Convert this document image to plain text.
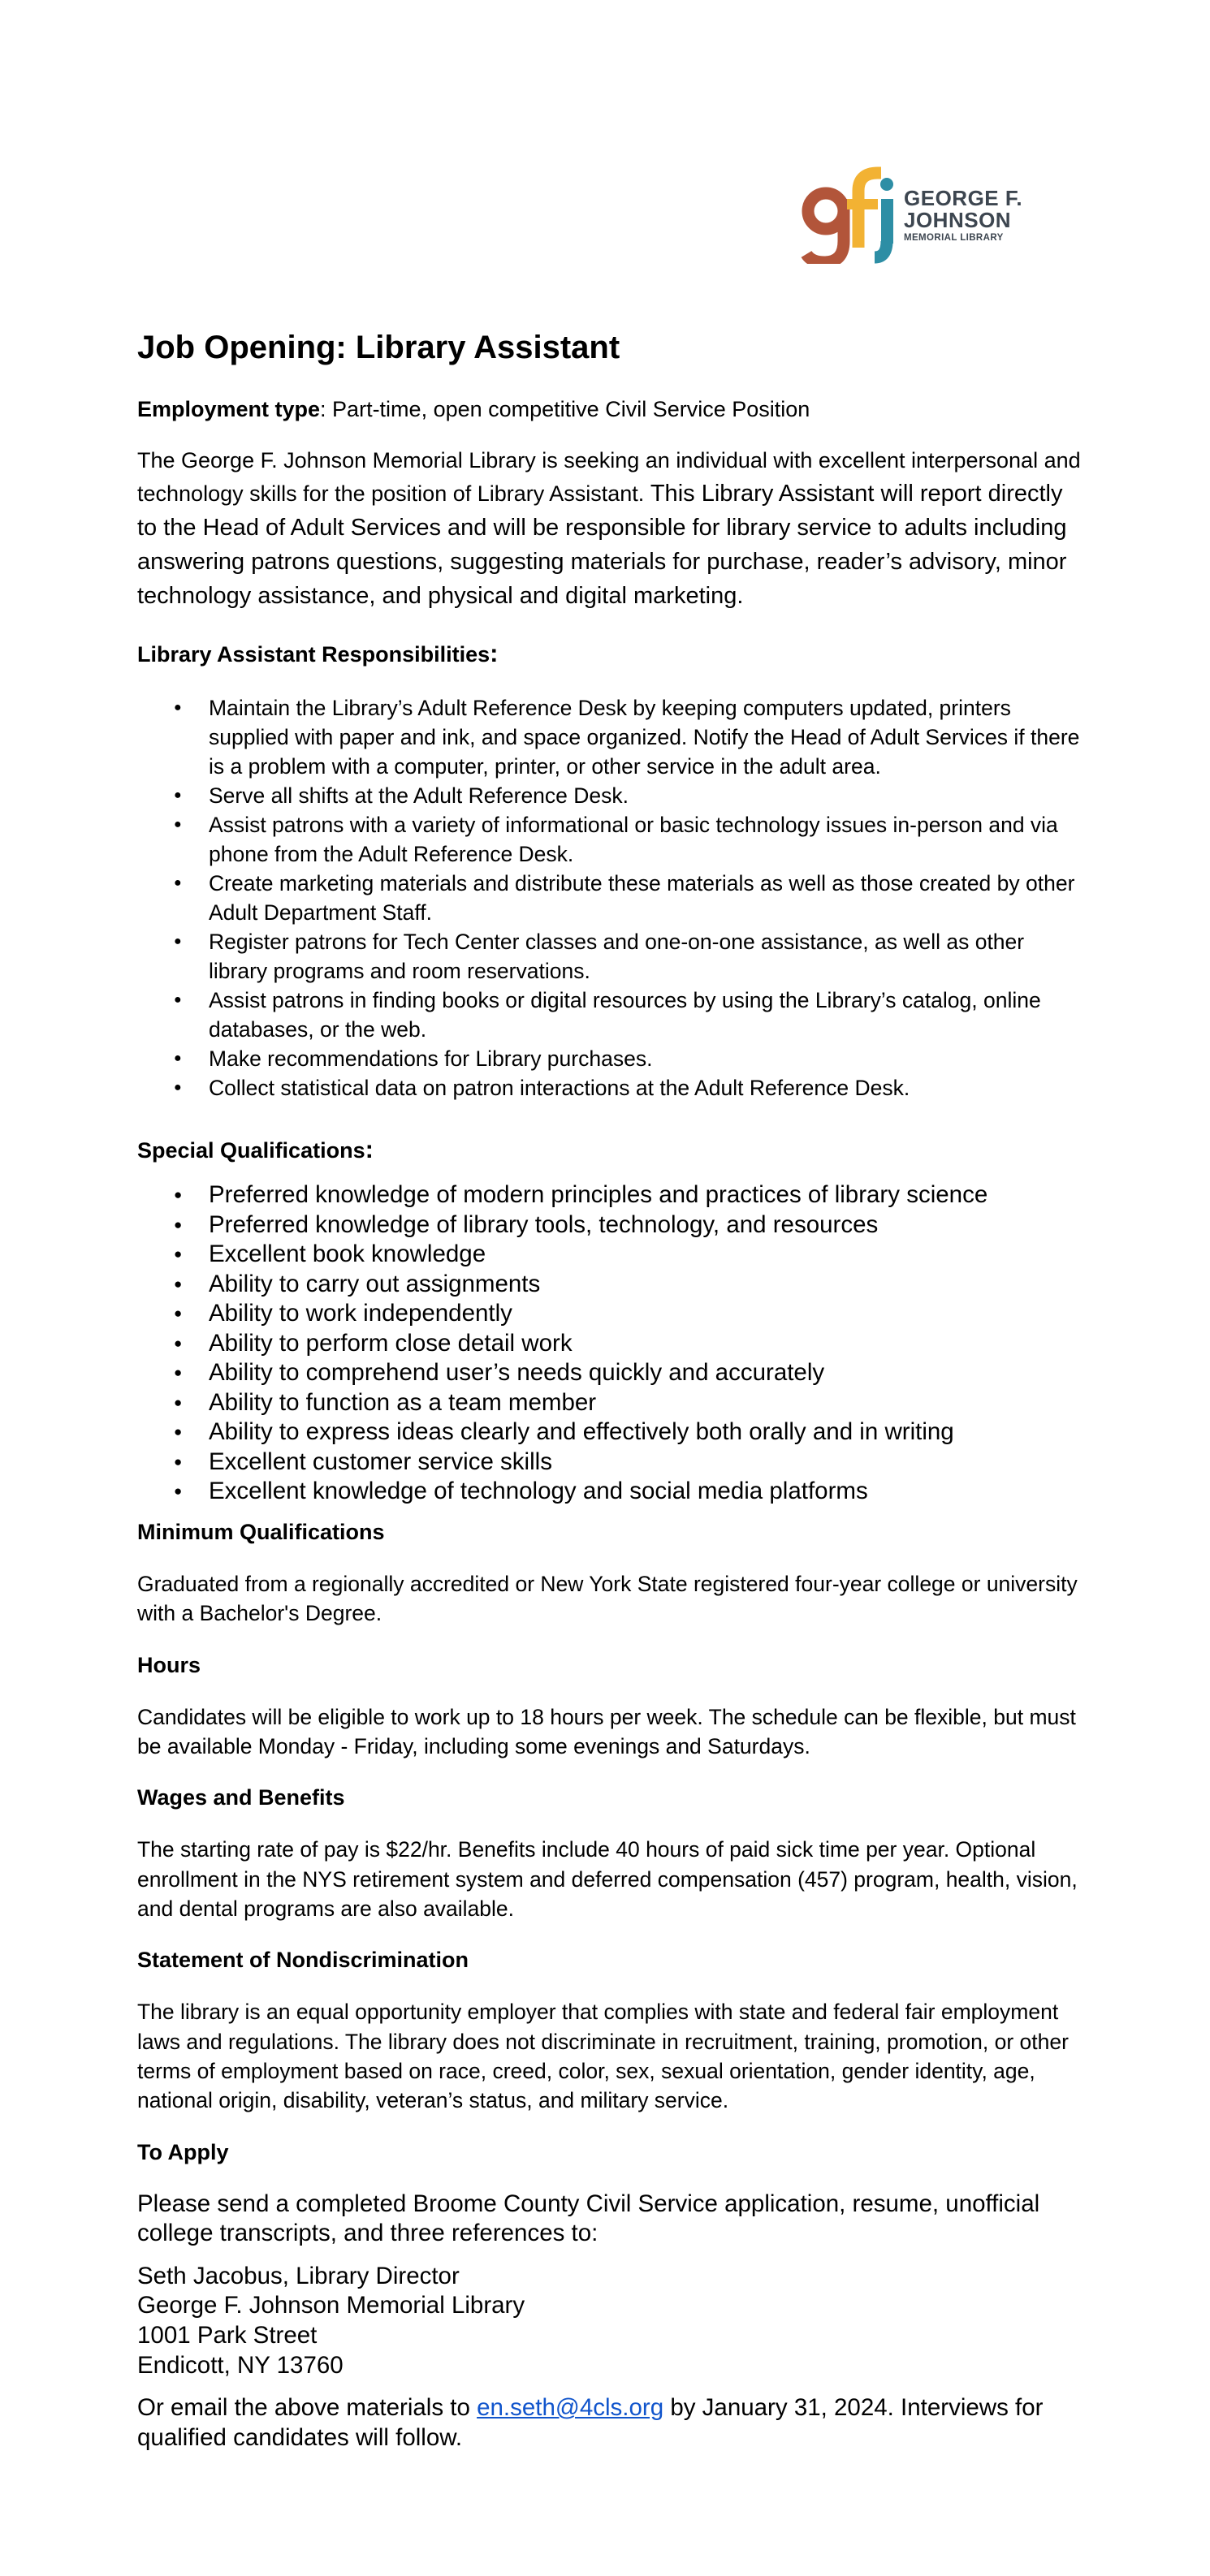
GEORGE F.
JOHNSON
MEMORIAL LIBRARY
Job Opening: Library Assistant

Employment type: Part-time, open competitive Civil Service Position

The George F. Johnson Memorial Library is seeking an individual with excellent interpersonal and technology skills for the position of Library Assistant. This Library Assistant will report directly to the Head of Adult Services and will be responsible for library service to adults including answering patrons questions, suggesting materials for purchase, reader’s advisory, minor technology assistance, and physical and digital marketing.

Library Assistant Responsibilities:
● Maintain the Library’s Adult Reference Desk by keeping computers updated, printers supplied with paper and ink, and space organized. Notify the Head of Adult Services if there is a problem with a computer, printer, or other service in the adult area.
● Serve all shifts at the Adult Reference Desk.
● Assist patrons with a variety of informational or basic technology issues in-person and via phone from the Adult Reference Desk.
● Create marketing materials and distribute these materials as well as those created by other Adult Department Staff.
● Register patrons for Tech Center classes and one-on-one assistance, as well as other library programs and room reservations.
● Assist patrons in finding books or digital resources by using the Library’s catalog, online databases, or the web.
● Make recommendations for Library purchases.
● Collect statistical data on patron interactions at the Adult Reference Desk.
Special Qualifications:
● Preferred knowledge of modern principles and practices of library science
● Preferred knowledge of library tools, technology, and resources
● Excellent book knowledge
● Ability to carry out assignments
● Ability to work independently
● Ability to perform close detail work
● Ability to comprehend user’s needs quickly and accurately
● Ability to function as a team member
● Ability to express ideas clearly and effectively both orally and in writing
● Excellent customer service skills
● Excellent knowledge of technology and social media platforms
Minimum Qualifications

Graduated from a regionally accredited or New York State registered four-year college or university with a Bachelor's Degree.

Hours

Candidates will be eligible to work up to 18 hours per week. The schedule can be flexible, but must be available Monday - Friday, including some evenings and Saturdays.

Wages and Benefits

The starting rate of pay is $22/hr. Benefits include 40 hours of paid sick time per year. Optional enrollment in the NYS retirement system and deferred compensation (457) program, health, vision, and dental programs are also available.

Statement of Nondiscrimination

The library is an equal opportunity employer that complies with state and federal fair employment laws and regulations. The library does not discriminate in recruitment, training, promotion, or other terms of employment based on race, creed, color, sex, sexual orientation, gender identity, age, national origin, disability, veteran’s status, and military service.

To Apply

Please send a completed Broome County Civil Service application, resume, unofficial college transcripts, and three references to:

Seth Jacobus, Library Director
George F. Johnson Memorial Library
1001 Park Street
Endicott, NY 13760

Or email the above materials to en.seth@4cls.org by January 31, 2024. Interviews for qualified candidates will follow.
